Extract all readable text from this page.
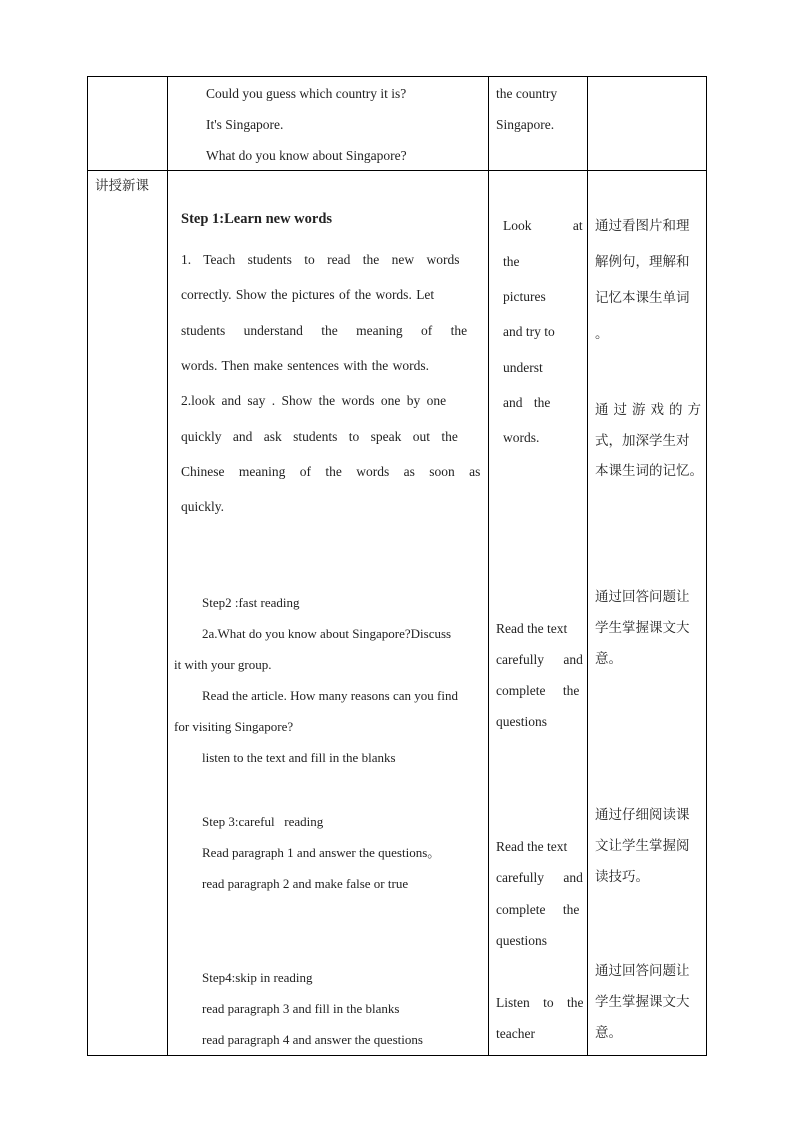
Could you guess which country it is?
It's Singapore.
What do you know about Singapore?
the country
Singapore.
讲授新课
Step 1:Learn new words
1. Teach students to read the new words
correctly. Show the pictures of the words. Let
students understand the meaning of the
words. Then make sentences with the words.
2.look and say . Show the words one by one
quickly and ask students to speak out the
Chinese meaning of the words as soon as
quickly.
Look at
the
pictures
and try to
underst
and the
words.
通过看图片和理
解例句，理解和
记忆本课生单词
。
通过游戏的方
式，加深学生对
本课生词的记忆。
Step2 :fast reading
2a.What do you know about Singapore?Discuss
it with your group.
Read the article. How many reasons can you find
for visiting Singapore?
listen to the text and fill in the blanks
Read the text
carefully and
complete the
questions
通过回答问题让
学生掌握课文大
意。
Step 3:careful   reading
Read paragraph 1 and answer the questions。
read paragraph 2 and make false or true
Read the text
carefully and
complete the
questions
通过仔细阅读课
文让学生掌握阅
读技巧。
Step4:skip in reading
read paragraph 3 and fill in the blanks
read paragraph 4 and answer the questions
Listen to the
teacher
通过回答问题让
学生掌握课文大
意。
